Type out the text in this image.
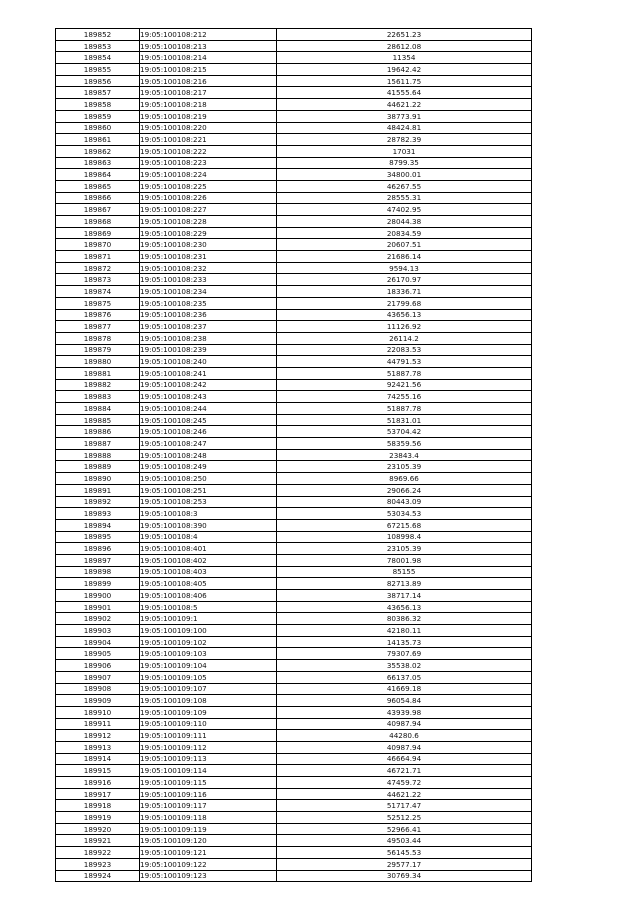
189852	19:05:100108:212	22651.23
189853	19:05:100108:213	28612.08
189854	19:05:100108:214	11354
189855	19:05:100108:215	19642.42
189856	19:05:100108:216	15611.75
189857	19:05:100108:217	41555.64
189858	19:05:100108:218	44621.22
189859	19:05:100108:219	38773.91
189860	19:05:100108:220	48424.81
189861	19:05:100108:221	28782.39
189862	19:05:100108:222	17031
189863	19:05:100108:223	8799.35
189864	19:05:100108:224	34800.01
189865	19:05:100108:225	46267.55
189866	19:05:100108:226	28555.31
189867	19:05:100108:227	47402.95
189868	19:05:100108:228	28044.38
189869	19:05:100108:229	20834.59
189870	19:05:100108:230	20607.51
189871	19:05:100108:231	21686.14
189872	19:05:100108:232	9594.13
189873	19:05:100108:233	26170.97
189874	19:05:100108:234	18336.71
189875	19:05:100108:235	21799.68
189876	19:05:100108:236	43656.13
189877	19:05:100108:237	11126.92
189878	19:05:100108:238	26114.2
189879	19:05:100108:239	22083.53
189880	19:05:100108:240	44791.53
189881	19:05:100108:241	51887.78
189882	19:05:100108:242	92421.56
189883	19:05:100108:243	74255.16
189884	19:05:100108:244	51887.78
189885	19:05:100108:245	51831.01
189886	19:05:100108:246	53704.42
189887	19:05:100108:247	58359.56
189888	19:05:100108:248	23843.4
189889	19:05:100108:249	23105.39
189890	19:05:100108:250	8969.66
189891	19:05:100108:251	29066.24
189892	19:05:100108:253	80443.09
189893	19:05:100108:3	53034.53
189894	19:05:100108:390	67215.68
189895	19:05:100108:4	108998.4
189896	19:05:100108:401	23105.39
189897	19:05:100108:402	78001.98
189898	19:05:100108:403	85155
189899	19:05:100108:405	82713.89
189900	19:05:100108:406	38717.14
189901	19:05:100108:5	43656.13
189902	19:05:100109:1	80386.32
189903	19:05:100109:100	42180.11
189904	19:05:100109:102	14135.73
189905	19:05:100109:103	79307.69
189906	19:05:100109:104	35538.02
189907	19:05:100109:105	66137.05
189908	19:05:100109:107	41669.18
189909	19:05:100109:108	96054.84
189910	19:05:100109:109	43939.98
189911	19:05:100109:110	40987.94
189912	19:05:100109:111	44280.6
189913	19:05:100109:112	40987.94
189914	19:05:100109:113	46664.94
189915	19:05:100109:114	46721.71
189916	19:05:100109:115	47459.72
189917	19:05:100109:116	44621.22
189918	19:05:100109:117	51717.47
189919	19:05:100109:118	52512.25
189920	19:05:100109:119	52966.41
189921	19:05:100109:120	49503.44
189922	19:05:100109:121	56145.53
189923	19:05:100109:122	29577.17
189924	19:05:100109:123	30769.34
